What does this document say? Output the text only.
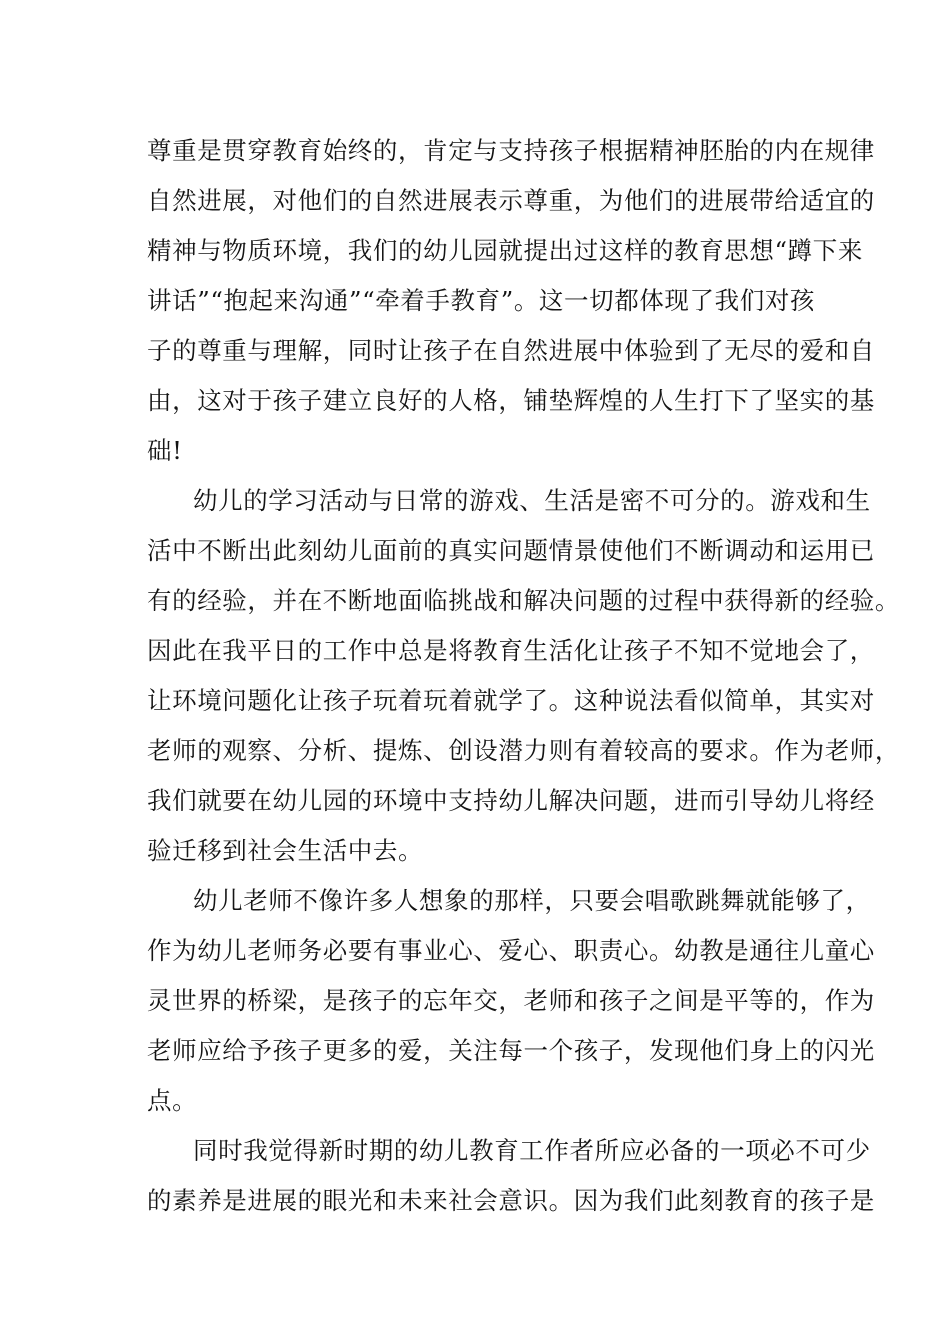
尊重是贯穿教育始终的，肯定与支持孩子根据精神胚胎的内在规律
自然进展，对他们的自然进展表示尊重，为他们的进展带给适宜的
精神与物质环境，我们的幼儿园就提出过这样的教育思想“蹲下来
讲话”“抱起来沟通”“牵着手教育”。这一切都体现了我们对孩
子的尊重与理解，同时让孩子在自然进展中体验到了无尽的爱和自
由，这对于孩子建立良好的人格，铺垫辉煌的人生打下了坚实的基
础!
幼儿的学习活动与日常的游戏、生活是密不可分的。游戏和生
活中不断出此刻幼儿面前的真实问题情景使他们不断调动和运用已
有的经验，并在不断地面临挑战和解决问题的过程中获得新的经验。
因此在我平日的工作中总是将教育生活化让孩子不知不觉地会了，
让环境问题化让孩子玩着玩着就学了。这种说法看似简单，其实对
老师的观察、分析、提炼、创设潜力则有着较高的要求。作为老师，
我们就要在幼儿园的环境中支持幼儿解决问题，进而引导幼儿将经
验迁移到社会生活中去。
幼儿老师不像许多人想象的那样，只要会唱歌跳舞就能够了，
作为幼儿老师务必要有事业心、爱心、职责心。幼教是通往儿童心
灵世界的桥梁，是孩子的忘年交，老师和孩子之间是平等的，作为
老师应给予孩子更多的爱，关注每一个孩子，发现他们身上的闪光
点。
同时我觉得新时期的幼儿教育工作者所应必备的一项必不可少
的素养是进展的眼光和未来社会意识。因为我们此刻教育的孩子是
